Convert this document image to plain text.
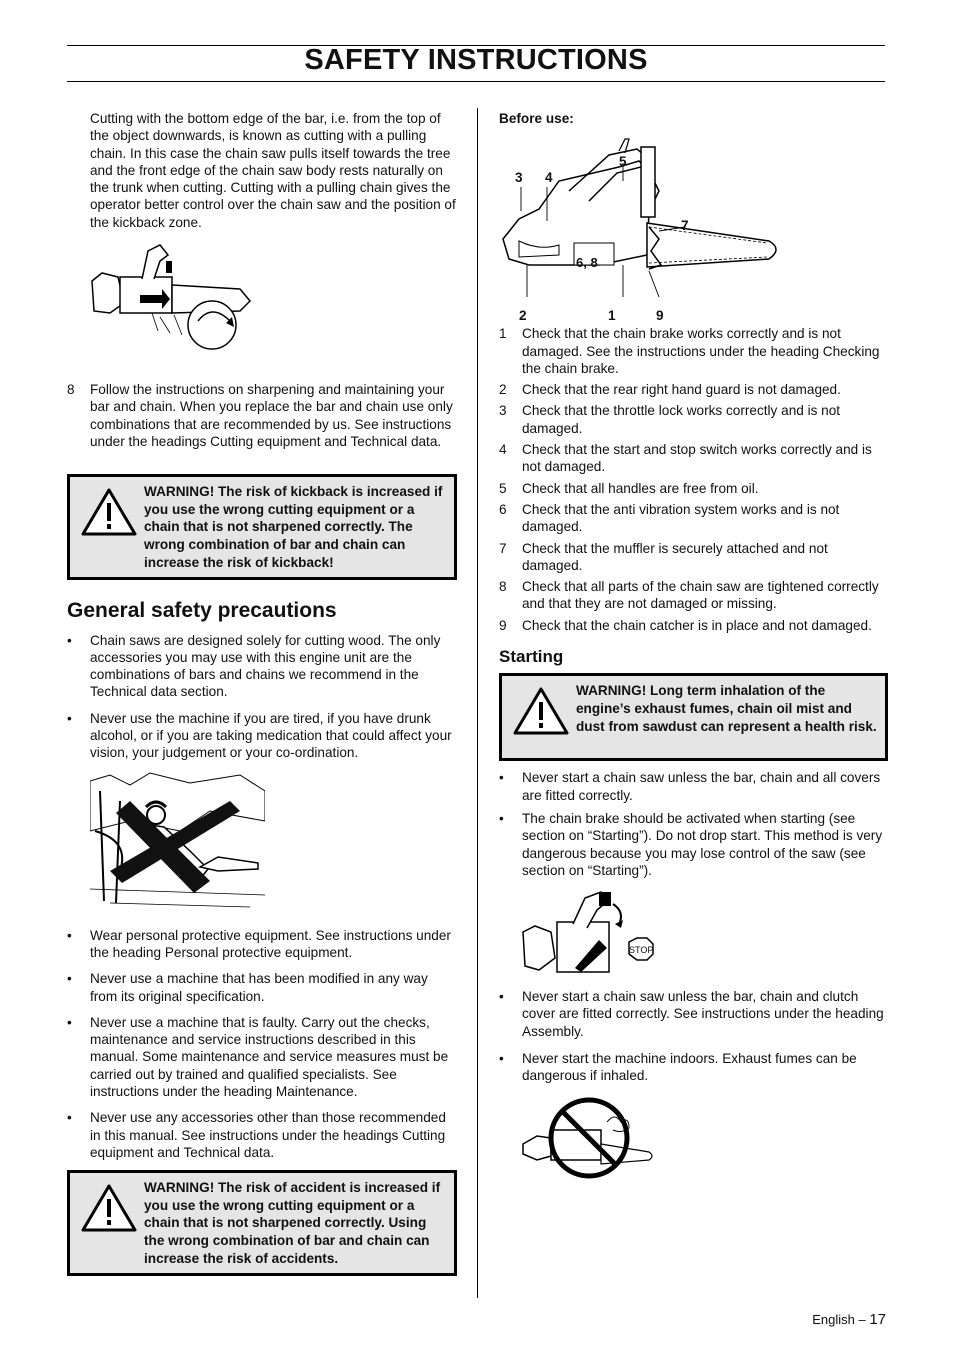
SAFETY INSTRUCTIONS

Cutting with the bottom edge of the bar, i.e. from the top of the object downwards, is known as cutting with a pulling chain. In this case the chain saw pulls itself towards the tree and the front edge of the chain saw body rests naturally on the trunk when cutting. Cutting with a pulling chain gives the operator better control over the chain saw and the position of the kickback zone.

8	Follow the instructions on sharpening and maintaining your bar and chain. When you replace the bar and chain use only combinations that are recommended by us. See instructions under the headings Cutting equipment and Technical data.
WARNING! The risk of kickback is increased if you use the wrong cutting equipment or a chain that is not sharpened correctly. The wrong combination of bar and chain can increase the risk of kickback!
General safety precautions
•	Chain saws are designed solely for cutting wood. The only accessories you may use with this engine unit are the combinations of bars and chains we recommend in the Technical data section.
•	Never use the machine if you are tired, if you have drunk alcohol, or if you are taking medication that could affect your vision, your judgement or your co-ordination.
•	Wear personal protective equipment. See instructions under the heading Personal protective equipment.
•	Never use a machine that has been modified in any way from its original specification.
•	Never use a machine that is faulty. Carry out the checks, maintenance and service instructions described in this manual. Some maintenance and service measures must be carried out by trained and qualified specialists. See instructions under the heading Maintenance.
•	Never use any accessories other than those recommended in this manual. See instructions under the headings Cutting equipment and Technical data.
WARNING! The risk of accident is increased if you use the wrong cutting equipment or a chain that is not sharpened correctly. Using the wrong combination of bar and chain can increase the risk of accidents.

Before use:

3 4
5
7
6, 8
2	1	9
1	Check that the chain brake works correctly and is not damaged. See the instructions under the heading Checking the chain brake.
2	Check that the rear right hand guard is not damaged.
3	Check that the throttle lock works correctly and is not damaged.
4	Check that the start and stop switch works correctly and is not damaged.
5	Check that all handles are free from oil.
6	Check that the anti vibration system works and is not damaged.
7	Check that the muffler is securely attached and not damaged.
8	Check that all parts of the chain saw are tightened correctly and that they are not damaged or missing.
9	Check that the chain catcher is in place and not damaged.
Starting
WARNING! Long term inhalation of the engine’s exhaust fumes, chain oil mist and dust from sawdust can represent a health risk.
•	Never start a chain saw unless the bar, chain and all covers are fitted correctly.
•	The chain brake should be activated when starting (see section on “Starting”). Do not drop start. This method is very dangerous because you may lose control of the saw (see section on “Starting”).
STOP
•	Never start a chain saw unless the bar, chain and clutch cover are fitted correctly. See instructions under the heading Assembly.
•	Never start the machine indoors. Exhaust fumes can be dangerous if inhaled.
English – 17
